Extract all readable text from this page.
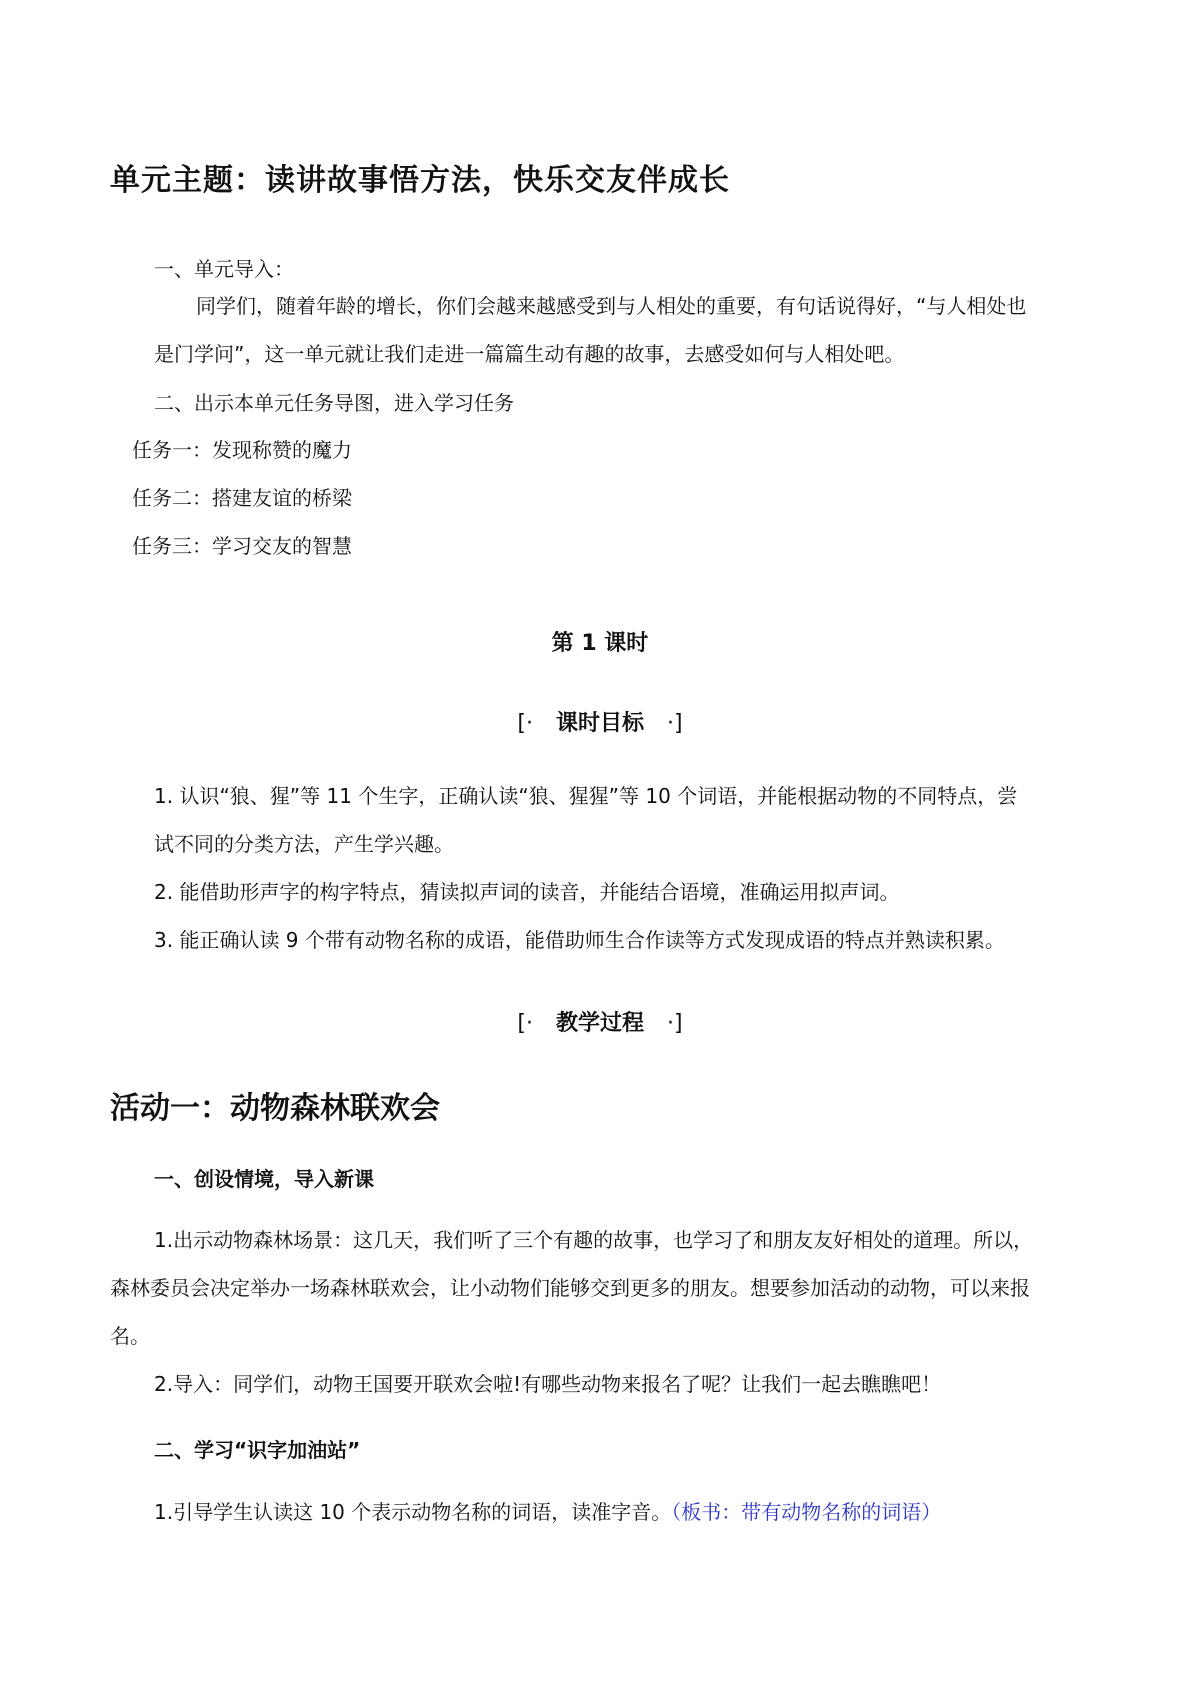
单元主题：读讲故事悟方法，快乐交友伴成长
一、单元导入：
同学们，随着年龄的增长，你们会越来越感受到与人相处的重要，有句话说得好，“与人相处也
是门学问”，这一单元就让我们走进一篇篇生动有趣的故事，去感受如何与人相处吧。
二、出示本单元任务导图，进入学习任务
任务一：发现称赞的魔力
任务二：搭建友谊的桥梁
任务三：学习交友的智慧
第 1 课时
[· 课时目标 ·]
1. 认识“狼、猩”等 11 个生字，正确认读“狼、猩猩”等 10 个词语，并能根据动物的不同特点，尝
试不同的分类方法，产生学兴趣。
2. 能借助形声字的构字特点，猜读拟声词的读音，并能结合语境，准确运用拟声词。
3. 能正确认读 9 个带有动物名称的成语，能借助师生合作读等方式发现成语的特点并熟读积累。
[· 教学过程 ·]
活动一：动物森林联欢会
一、创设情境，导入新课
1.出示动物森林场景：这几天，我们听了三个有趣的故事，也学习了和朋友友好相处的道理。所以，
森林委员会决定举办一场森林联欢会，让小动物们能够交到更多的朋友。想要参加活动的动物，可以来报
名。
2.导入：同学们，动物王国要开联欢会啦!有哪些动物来报名了呢？让我们一起去瞧瞧吧！
二、学习“识字加油站”
1.引导学生认读这 10 个表示动物名称的词语，读准字音。（板书：带有动物名称的词语）
